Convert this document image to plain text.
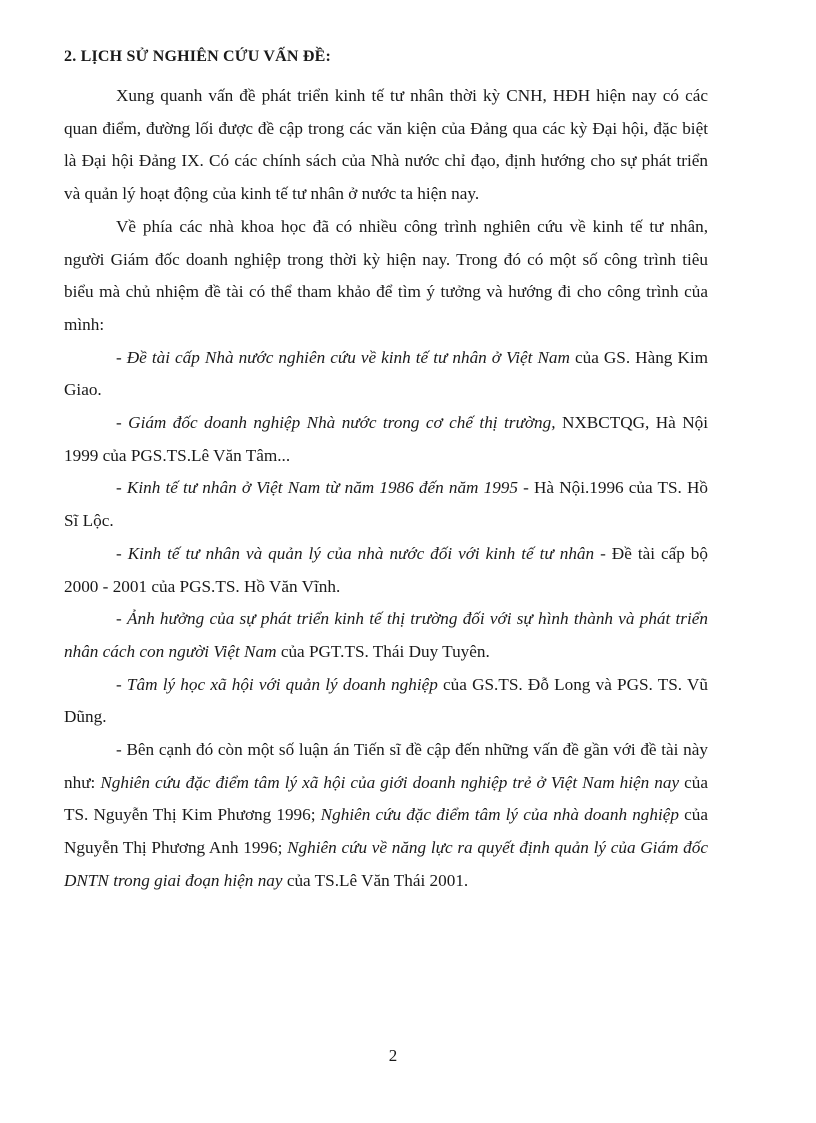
2. LỊCH SỬ NGHIÊN CỨU VẤN ĐỀ:
Xung quanh vấn đề phát triển kinh tế tư nhân thời kỳ CNH, HĐH hiện nay có các quan điểm, đường lối được đề cập trong các văn kiện của Đảng qua các kỳ Đại hội, đặc biệt là Đại hội Đảng IX. Có các chính sách của Nhà nước chỉ đạo, định hướng cho sự phát triển và quản lý hoạt động của kinh tế tư nhân ở nước ta hiện nay.
Về phía các nhà khoa học đã có nhiều công trình nghiên cứu về kinh tế tư nhân, người Giám đốc doanh nghiệp trong thời kỳ hiện nay. Trong đó có một số công trình tiêu biểu mà chủ nhiệm đề tài có thể tham khảo để tìm ý tưởng và hướng đi cho công trình của mình:
- Đề tài cấp Nhà nước nghiên cứu về kinh tế tư nhân ở Việt Nam của GS. Hàng Kim Giao.
- Giám đốc doanh nghiệp Nhà nước trong cơ chế thị trường, NXBCTQG, Hà Nội 1999 của PGS.TS.Lê Văn Tâm...
- Kinh tế tư nhân ở Việt Nam từ năm 1986 đến năm 1995 - Hà Nội.1996 của TS. Hồ Sĩ Lộc.
- Kinh tế tư nhân và quản lý của nhà nước đối với kinh tế tư nhân - Đề tài cấp bộ 2000 - 2001 của PGS.TS. Hồ Văn Vĩnh.
- Ảnh hưởng của sự phát triển kinh tế thị trường đối với sự hình thành và phát triển nhân cách con người Việt Nam của PGT.TS. Thái Duy Tuyên.
- Tâm lý học xã hội với quản lý doanh nghiệp của GS.TS. Đỗ Long và PGS. TS. Vũ Dũng.
- Bên cạnh đó còn một số luận án Tiến sĩ đề cập đến những vấn đề gần với đề tài này như: Nghiên cứu đặc điểm tâm lý xã hội của giới doanh nghiệp trẻ ở Việt Nam hiện nay của TS. Nguyễn Thị Kim Phương 1996; Nghiên cứu đặc điểm tâm lý của nhà doanh nghiệp của Nguyễn Thị Phương Anh 1996; Nghiên cứu về năng lực ra quyết định quản lý của Giám đốc DNTN trong giai đoạn hiện nay của TS.Lê Văn Thái 2001.
2
